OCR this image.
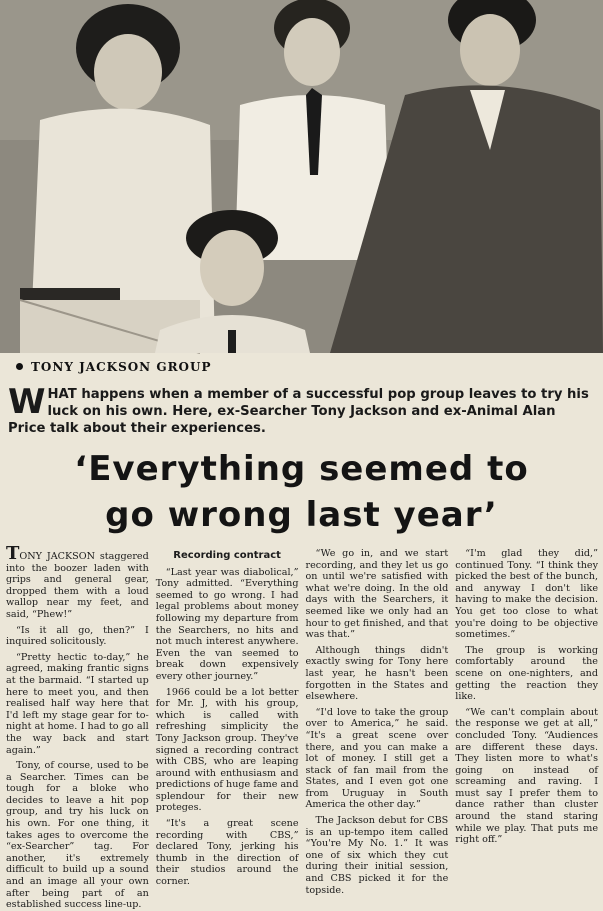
TONY JACKSON GROUP
WHAT happens when a member of a successful pop group leaves to try his luck on his own. Here, ex-Searcher Tony Jackson and ex-Animal Alan Price talk about their experiences.
‘Everything seemed to
go wrong last year’

TONY JACKSON staggered into the boozer laden with grips and general gear, dropped them with a loud wallop near my feet, and said, “Phew!”

“Is it all go, then?” I inquired solicitously.

“Pretty hectic to-day,” he agreed, making frantic signs at the barmaid. “I started up here to meet you, and then realised half way here that I'd left my stage gear for to-night at home. I had to go all the way back and start again.”

Tony, of course, used to be a Searcher. Times can be tough for a bloke who decides to leave a hit pop group, and try his luck on his own. For one thing, it takes ages to overcome the “ex-Searcher” tag. For another, it's extremely difficult to build up a sound and an image all your own after being part of an established success line-up.

Recording contract

“Last year was diabolical,” Tony admitted. “Everything seemed to go wrong. I had legal problems about money following my departure from the Searchers, no hits and not much interest anywhere. Even the van seemed to break down expensively every other journey.”

1966 could be a lot better for Mr. J, with his group, which is called with refreshing simplicity the Tony Jackson group. They've signed a recording contract with CBS, who are leaping around with enthusiasm and predictions of huge fame and splendour for their new proteges.

“It's a great scene recording with CBS,” declared Tony, jerking his thumb in the direction of their studios around the corner.

“We go in, and we start recording, and they let us go on until we're satisfied with what we're doing. In the old days with the Searchers, it seemed like we only had an hour to get finished, and that was that.”

Although things didn't exactly swing for Tony here last year, he hasn't been forgotten in the States and elsewhere.

“I'd love to take the group over to America,” he said. “It's a great scene over there, and you can make a lot of money. I still get a stack of fan mail from the States, and I even got one from Uruguay in South America the other day.”

The Jackson debut for CBS is an up-tempo item called “You're My No. 1.” It was one of six which they cut during their initial session, and CBS picked it for the topside.

“I'm glad they did,” continued Tony. “I think they picked the best of the bunch, and anyway I don't like having to make the decision. You get too close to what you're doing to be objective sometimes.”

The group is working comfortably around the scene on one-nighters, and getting the reaction they like.

“We can't complain about the response we get at all,” concluded Tony. “Audiences are different these days. They listen more to what's going on instead of screaming and raving. I must say I prefer them to dance rather than cluster around the stand staring while we play. That puts me right off.”
